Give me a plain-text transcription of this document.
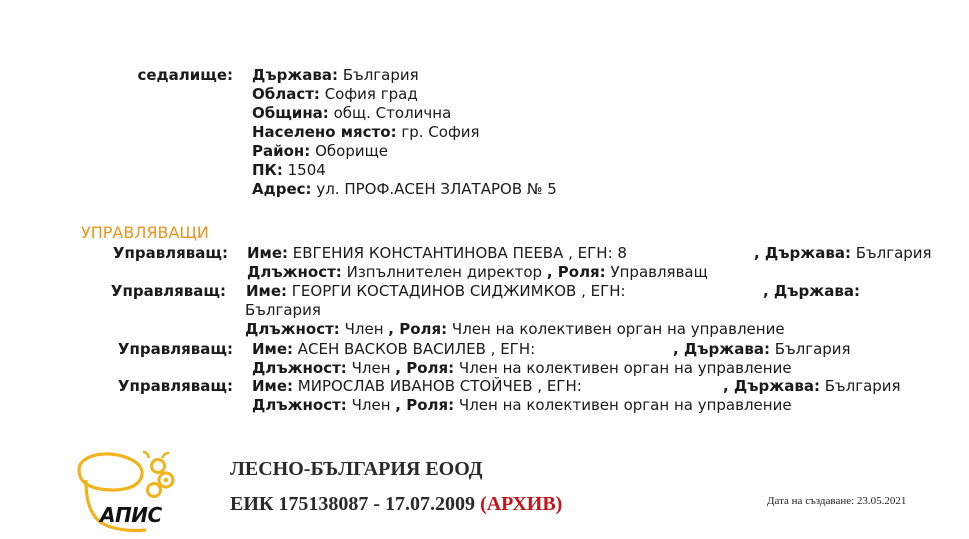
седалище: Държава: България
Област: София град
Община: общ. Столична
Населено място: гр. София
Район: Оборище
ПК: 1504
Адрес: ул. ПРОФ.АСЕН ЗЛАТАРОВ № 5
УПРАВЛЯВАЩИ
Управляващ: Име: ЕВГЕНИЯ КОНСТАНТИНОВА ПЕЕВА , ЕГН: 8	, Държава: България
Длъжност: Изпълнителен директор , Роля: Управляващ
Управляващ: Име: ГЕОРГИ КОСТАДИНОВ СИДЖИМКОВ , ЕГН:	, Държава:
България
Длъжност: Член , Роля: Член на колективен орган на управление
Управляващ: Име: АСЕН ВАСКОВ ВАСИЛЕВ , ЕГН:	, Държава: България
Длъжност: Член , Роля: Член на колективен орган на управление
Управляващ: Име: МИРОСЛАВ ИВАНОВ СТОЙЧЕВ , ЕГН:	, Държава: България
Длъжност: Член , Роля: Член на колективен орган на управление
АПИС
ЛЕСНО-БЪЛГАРИЯ ЕООД
ЕИК 175138087 - 17.07.2009 (АРХИВ)	Дата на създаване: 23.05.2021
